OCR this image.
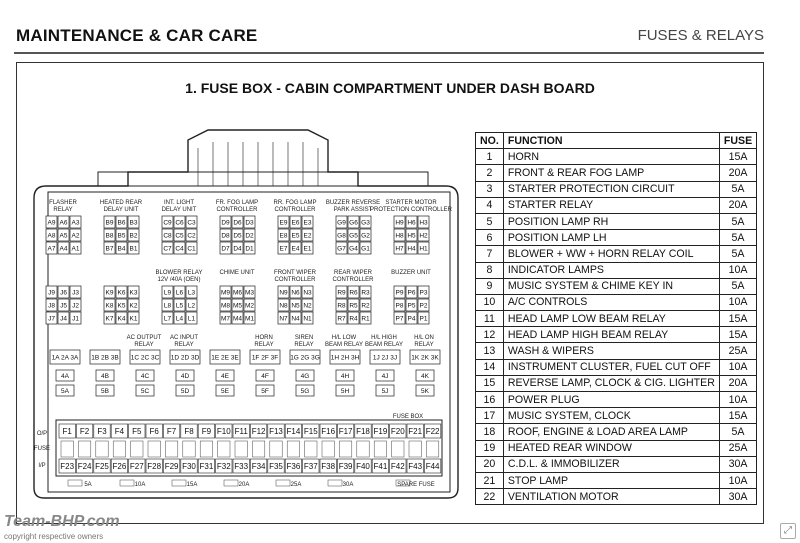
MAINTENANCE & CAR CARE	FUSES & RELAYS
1. FUSE BOX - CABIN COMPARTMENT UNDER DASH BOARD
FLASHER
RELAY
A9 A6 A3
A8 A5 A2
A7 A4 A1
HEATED REAR
DELAY UNIT
B9 B6 B3
B8 B5 B2
B7 B4 B1
INT. LIGHT
DELAY UNIT
C9 C6 C3
C8 C5 C2
C7 C4 C1
FR. FOG LAMP
CONTROLLER
D9 D6 D3
D8 D5 D2
D7 D4 D1
RR. FOG LAMP
CONTROLLER
E9 E6 E3
E8 E5 E2
E7 E4 E1
BUZZER REVERSE
PARK ASSIST
G9 G6 G3
G8 G5 G2
G7 G4 G1
STARTER MOTOR
PROTECTION CONTROLLER
H9 H6 H3
H8 H5 H2
H7 H4 H1
J9 J6 J3
J8 J5 J2
J7 J4 J1
K9 K6 K3
K8 K5 K2
K7 K4 K1
BLOWER RELAY
12V /40A (OEN)
L9 L6 L3
L8 L5 L2
L7 L4 L1
CHIME UNIT
M9 M6 M3
M8 M5 M2
M7 M4 M1
FRONT WIPER
CONTROLLER
N9 N6 N3
N8 N5 N2
N7 N4 N1
REAR WIPER
CONTROLLER
R9 R6 R3
R8 R5 R2
R7 R4 R1
BUZZER UNIT
P9 P6 P3
P8 P5 P2
P7 P4 P1
1A 2A 3A
4A
5A
1B 2B 3B
4B
5B
AC OUTPUT
RELAY
1C 2C 3C
4C
5C
AC INPUT
RELAY
1D 2D 3D
4D
5D
1E 2E 3E
4E
5E
HORN
RELAY
1F 2F 3F
4F
5F
SIREN
RELAY
1G 2G 3G
4G
5G
H/L LOW
BEAM RELAY
1H 2H 3H
4H
5H
H/L HIGH
BEAM RELAY
1J 2J 3J
4J
5J
H/L ON
RELAY
1K 2K 3K
4K
5K
FUSE BOX
O/P
FUSE
I/P
F1 F2 F3 F4 F5 F6 F7 F8 F9 F10 F11 F12 F13 F14 F15 F16 F17 F18 F19 F20 F21 F22
F23 F24 F25 F26 F27 F28 F29 F30 F31 F32 F33 F34 F35 F36 F37 F38 F39 F40 F41 F42 F43 F44
5A	10A	15A	20A	25A	30A	SPARE FUSE
NO.	FUNCTION	FUSE
1	HORN	15A
2	FRONT & REAR FOG LAMP	20A
3	STARTER PROTECTION CIRCUIT	5A
4	STARTER RELAY	20A
5	POSITION LAMP RH	5A
6	POSITION LAMP LH	5A
7	BLOWER + WW + HORN RELAY COIL	5A
8	INDICATOR LAMPS	10A
9	MUSIC SYSTEM & CHIME KEY IN	5A
10	A/C CONTROLS	10A
11	HEAD LAMP LOW BEAM RELAY	15A
12	HEAD LAMP HIGH BEAM RELAY	15A
13	WASH & WIPERS	25A
14	INSTRUMENT CLUSTER, FUEL CUT OFF	10A
15	REVERSE LAMP, CLOCK & CIG. LIGHTER	20A
16	POWER PLUG	10A
17	MUSIC SYSTEM, CLOCK	15A
18	ROOF, ENGINE & LOAD AREA LAMP	5A
19	HEATED REAR WINDOW	25A
20	C.D.L. & IMMOBILIZER	30A
21	STOP LAMP	10A
22	VENTILATION MOTOR	30A
Team-BHP.com
copyright respective owners
⤢
